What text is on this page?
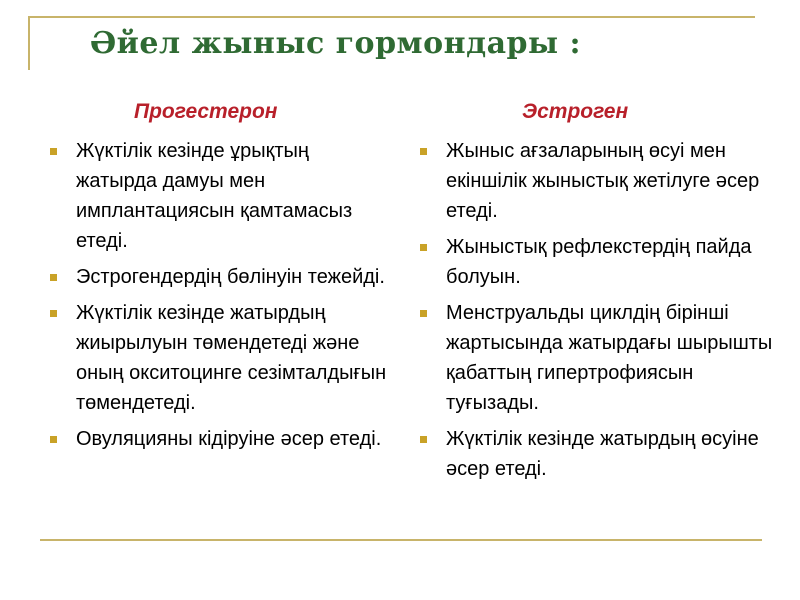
Әйел жыныс гормондары :
Прогестерон	Эстроген
Жүктілік кезінде ұрықтың жатырда дамуы мен имплантациясын қамтамасыз етеді.
Эстрогендердің бөлінуін тежейді.
Жүктілік кезінде жатырдың жиырылуын төмендетеді және оның окситоцинге сезімталдығын төмендетеді.
Овуляцияны кідіруіне әсер етеді.
Жыныс ағзаларының өсуі мен екіншілік жыныстық жетілуге әсер етеді.
Жыныстық рефлекстердің пайда болуын.
Менструальды циклдің бірінші жартысында жатырдағы шырышты қабаттың гипертрофиясын туғызады.
Жүктілік кезінде жатырдың өсуіне әсер етеді.
